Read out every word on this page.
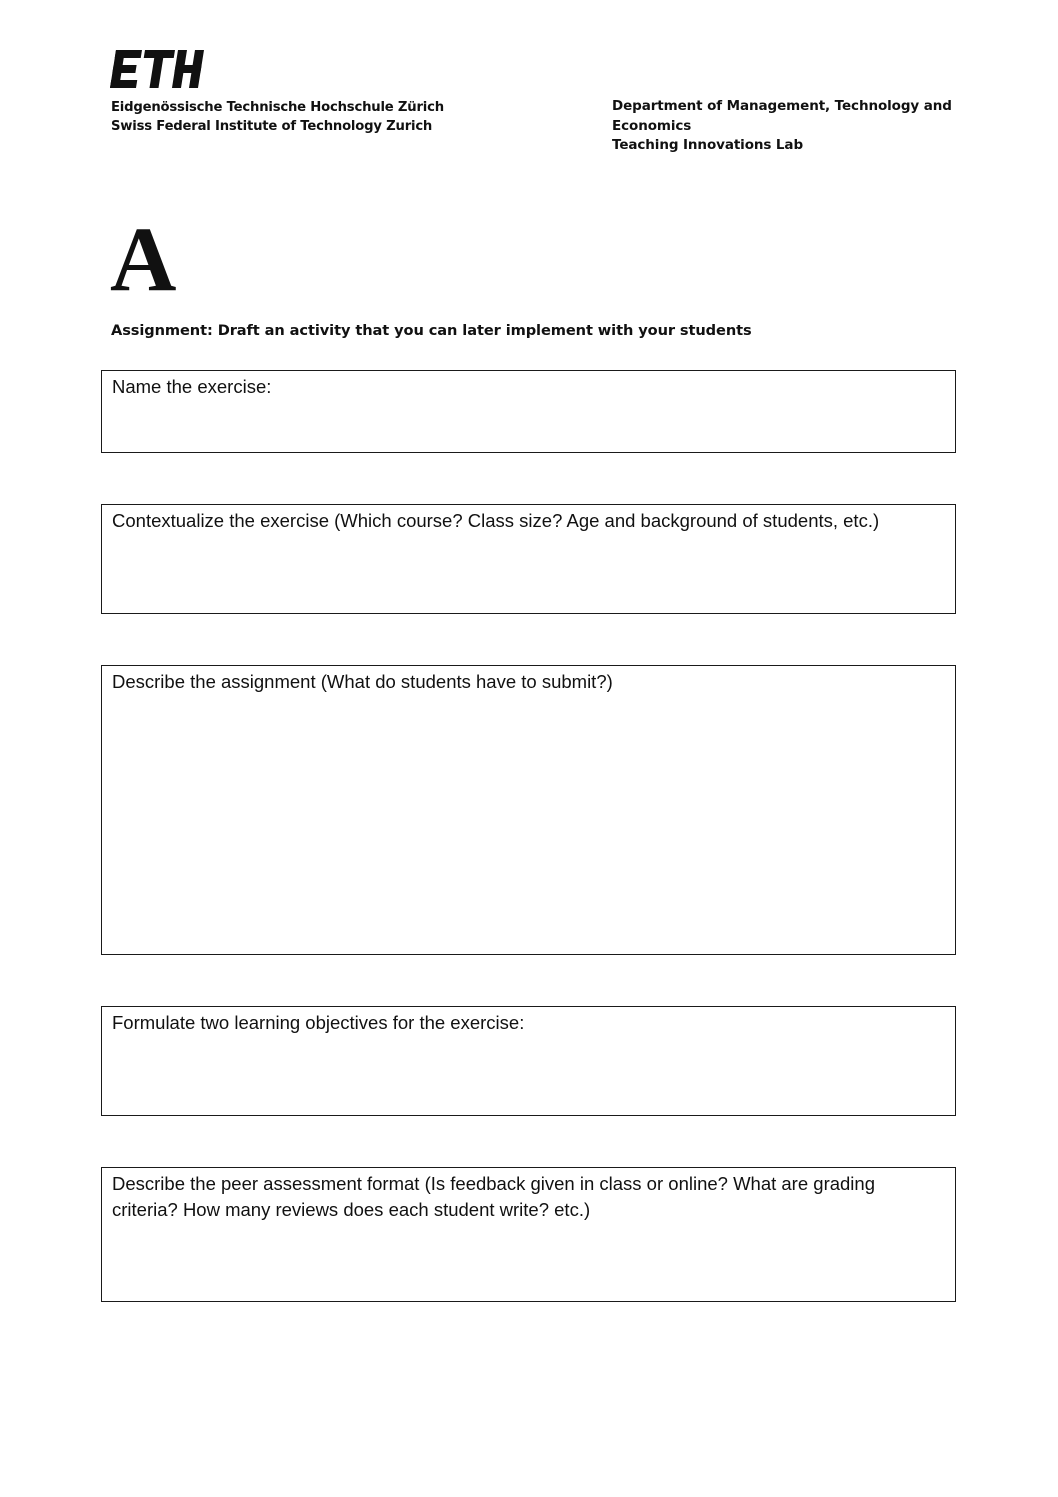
Eidgenössische Technische Hochschule Zürich
Swiss Federal Institute of Technology Zurich
Department of Management, Technology and
Economics
Teaching Innovations Lab
A
Assignment: Draft an activity that you can later implement with your students
Name the exercise:
Contextualize the exercise (Which course? Class size? Age and background of students, etc.)
Describe the assignment (What do students have to submit?)
Formulate two learning objectives for the exercise:
Describe the peer assessment format (Is feedback given in class or online? What are grading criteria? How many reviews does each student write? etc.)
